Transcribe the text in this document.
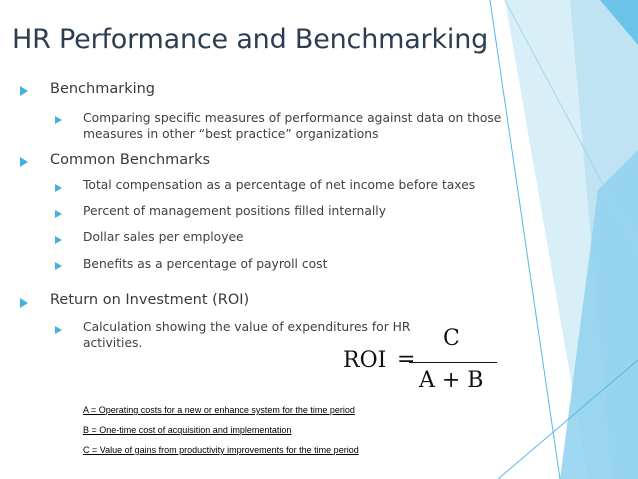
HR Performance and Benchmarking
Benchmarking
Comparing specific measures of performance against data on those measures in other “best practice” organizations
Common Benchmarks
Total compensation as a percentage of net income before taxes
Percent of management positions filled internally
Dollar sales per employee
Benefits as a percentage of payroll cost
Return on Investment (ROI)
Calculation showing the value of expenditures for HR activities.
ROI =
C
A + B
A = Operating costs for a new or enhance system for the time period
B = One-time cost of acquisition and implementation
C = Value of gains from productivity improvements for the time period
